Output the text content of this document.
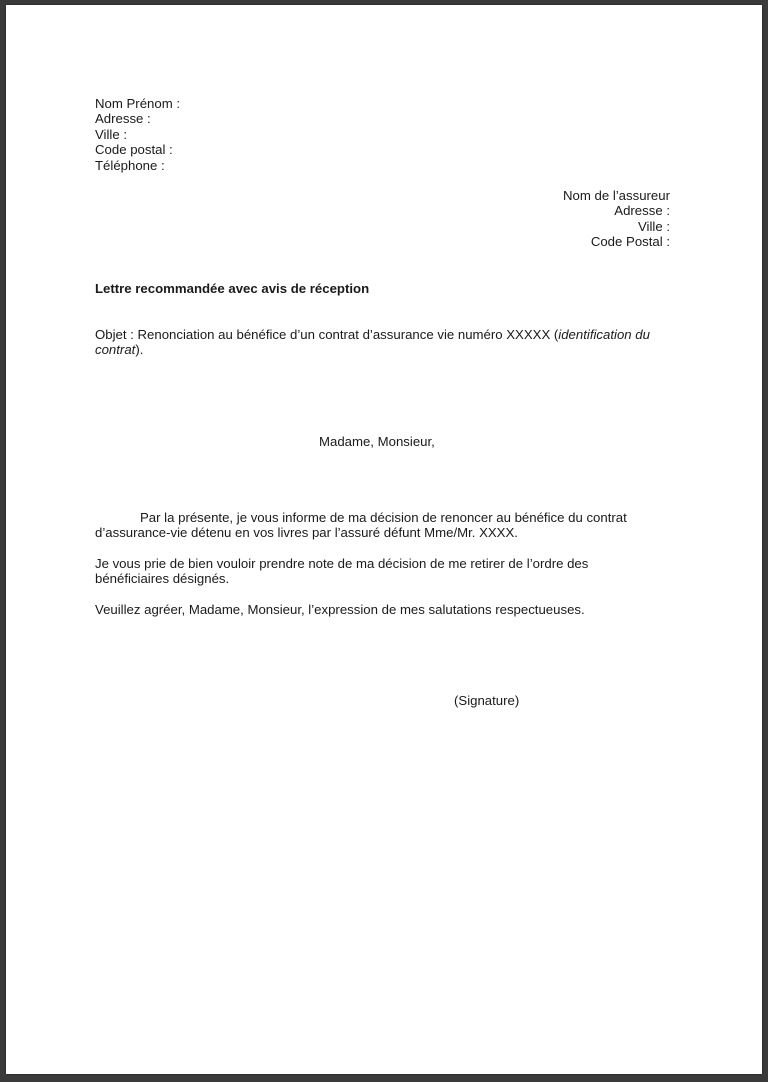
Nom Prénom :
Adresse :
Ville :
Code postal :
Téléphone :
Nom de l’assureur
Adresse :
Ville :
Code Postal :
Lettre recommandée avec avis de réception
Objet : Renonciation au bénéfice d’un contrat d’assurance vie numéro XXXXX (identification du contrat).
Madame, Monsieur,
Par la présente, je vous informe de ma décision de renoncer au bénéfice du contrat
d’assurance-vie détenu en vos livres par l’assuré défunt Mme/Mr. XXXX.
Je vous prie de bien vouloir prendre note de ma décision de me retirer de l’ordre des bénéficiaires désignés.
Veuillez agréer, Madame, Monsieur, l’expression de mes salutations respectueuses.
(Signature)
